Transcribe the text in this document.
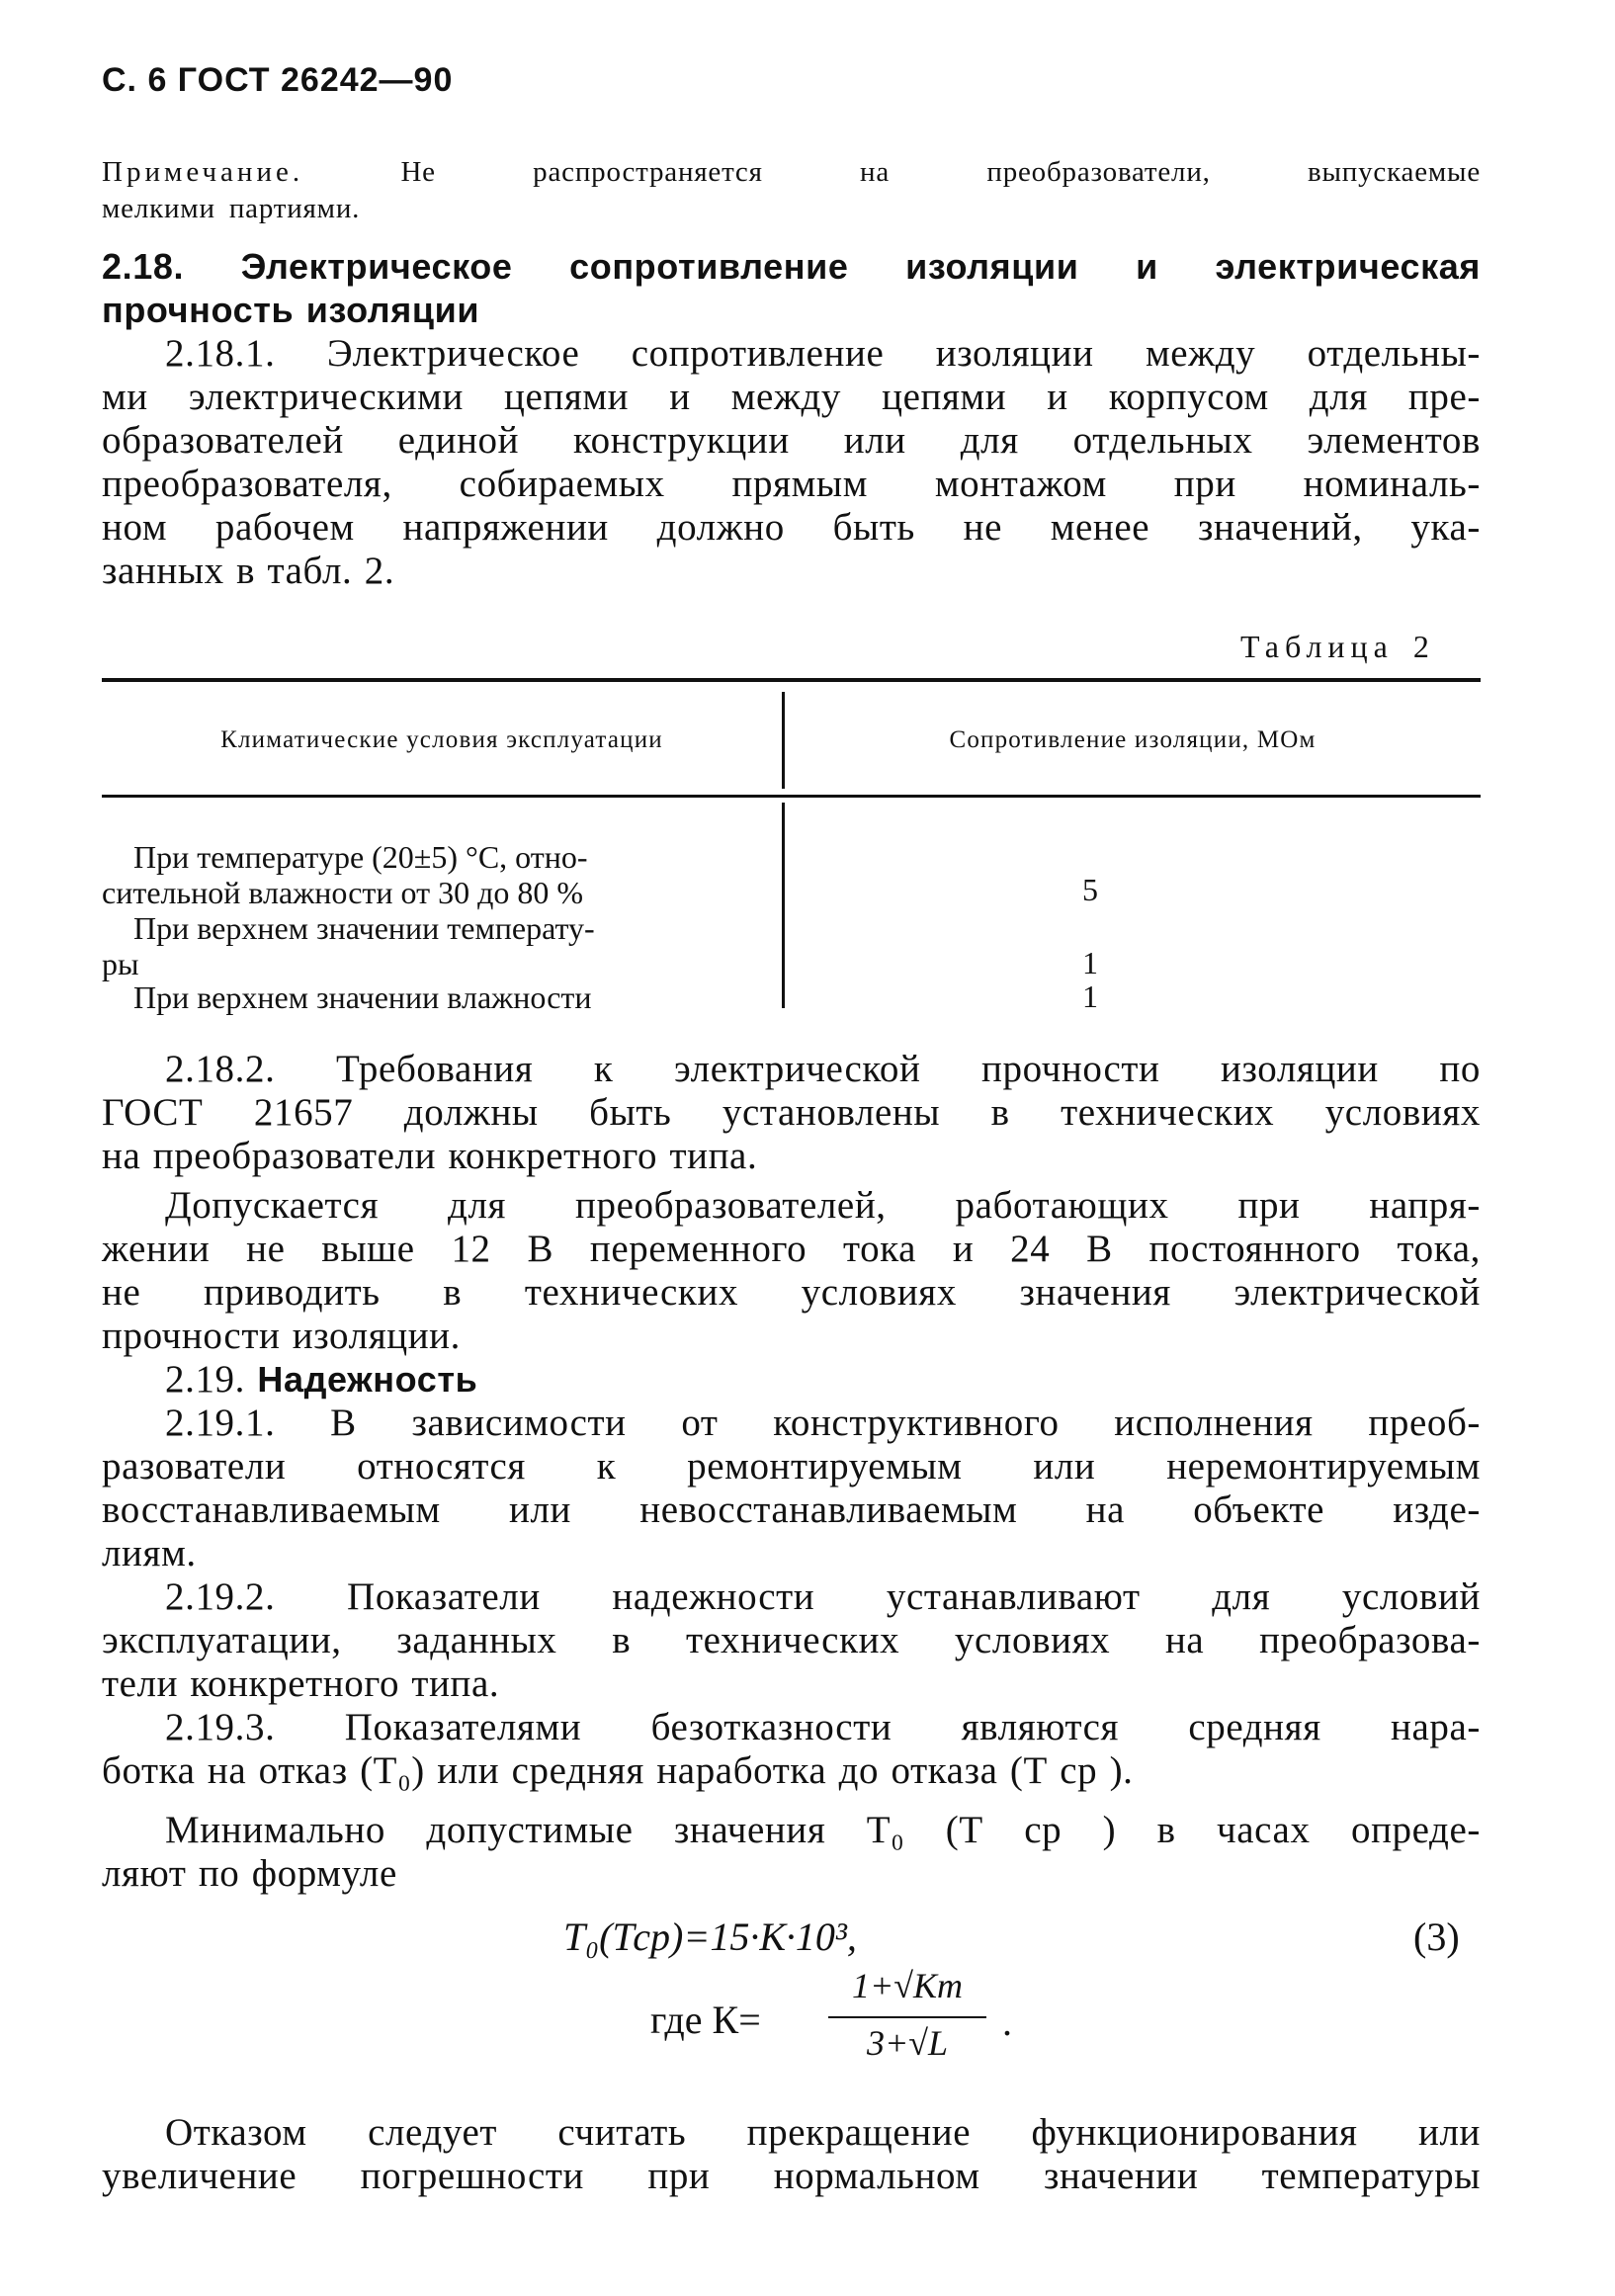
С. 6 ГОСТ 26242—90
Примечание.	Не распространяется на преобразователи, выпускаемые
мелкими партиями.
2.18. Электрическое сопротивление изоляции и электрическая
прочность изоляции
2.18.1. Электрическое сопротивление изоляции между отдельны-
ми электрическими цепями и между цепями и корпусом для пре-
образователей единой конструкции или для отдельных элементов
преобразователя, собираемых прямым монтажом при номиналь-
ном рабочем напряжении должно быть не менее значений, ука-
занных в табл. 2.
Таблица 2
Климатические условия эксплуатации	Сопротивление изоляции, МОм
При температуре (20±5) °С, отно-
сительной влажности от 30 до 80 %	5
При верхнем значении температу-
ры	1
При верхнем значении влажности	1
2.18.2. Требования к электрической прочности изоляции по
ГОСТ 21657 должны быть установлены в технических условиях
на преобразователи конкретного типа.
Допускается для преобразователей, работающих при напря-
жении не выше 12 В переменного тока и 24 В постоянного тока,
не приводить в технических условиях значения электрической
прочности изоляции.
2.19. Надежность
2.19.1. В зависимости от конструктивного исполнения преоб-
разователи относятся к ремонтируемым или неремонтируемым
восстанавливаемым или невосстанавливаемым на объекте изде-
лиям.
2.19.2. Показатели надежности устанавливают для условий
эксплуатации, заданных в технических условиях на преобразова-
тели конкретного типа.
2.19.3. Показателями безотказности являются средняя нара-
ботка на отказ (Т₀) или средняя наработка до отказа (Т ср ).
Минимально допустимые значения Т₀ (Т ср ) в часах опреде-
ляют по формуле
Т₀(Тср)=15·К·10³,	(3)
где К=
1+√Kт
3+√L	.
Отказом следует считать прекращение функционирования или
увеличение погрешности при нормальном значении температуры
